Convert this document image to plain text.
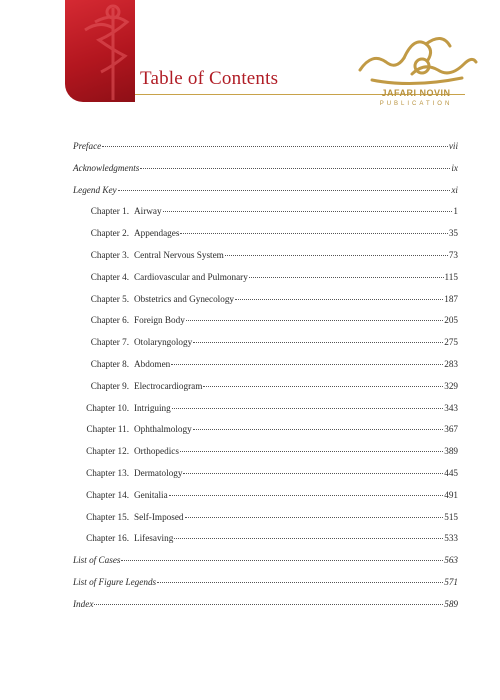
Table of Contents
JAFARI NOVIN
PUBLICATION
Preface	vii
Acknowledgments	ix
Legend Key	xi
Chapter 1. Airway	1
Chapter 2. Appendages	35
Chapter 3. Central Nervous System	73
Chapter 4. Cardiovascular and Pulmonary	115
Chapter 5. Obstetrics and Gynecology	187
Chapter 6. Foreign Body	205
Chapter 7. Otolaryngology	275
Chapter 8. Abdomen	283
Chapter 9. Electrocardiogram	329
Chapter 10. Intriguing	343
Chapter 11. Ophthalmology	367
Chapter 12. Orthopedics	389
Chapter 13. Dermatology	445
Chapter 14. Genitalia	491
Chapter 15. Self-Imposed	515
Chapter 16. Lifesaving	533
List of Cases	563
List of Figure Legends	571
Index	589
